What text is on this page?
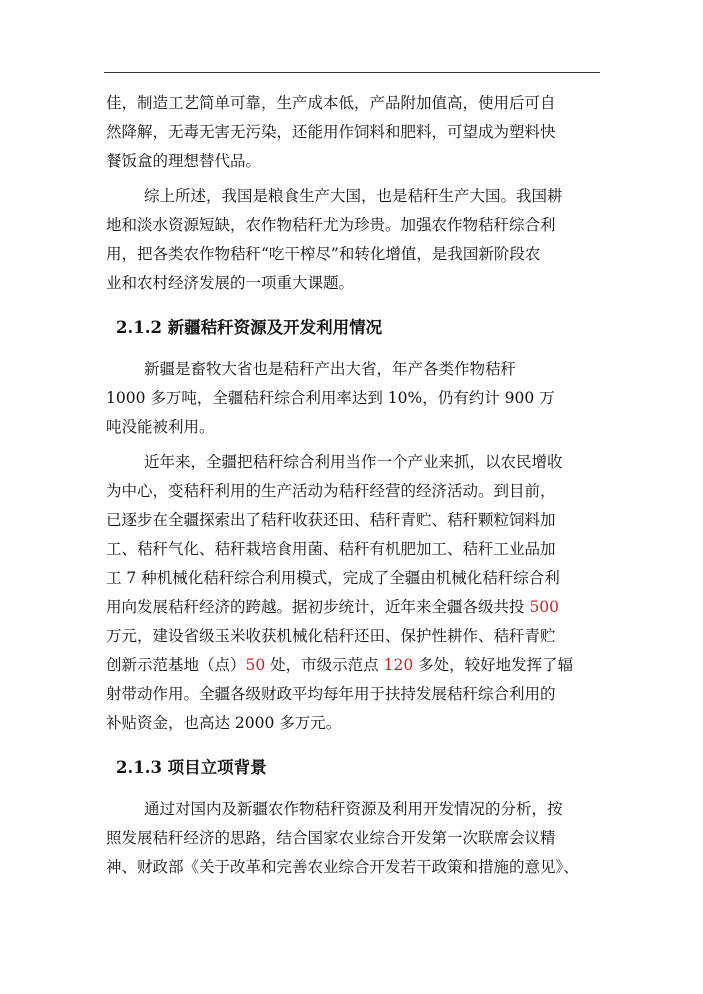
佳，制造工艺简单可靠，生产成本低，产品附加值高，使用后可自
然降解，无毒无害无污染，还能用作饲料和肥料，可望成为塑料快
餐饭盒的理想替代品。
综上所述，我国是粮食生产大国，也是秸秆生产大国。我国耕
地和淡水资源短缺，农作物秸秆尤为珍贵。加强农作物秸秆综合利
用，把各类农作物秸秆“吃干榨尽”和转化增值，是我国新阶段农
业和农村经济发展的一项重大课题。
2.1.2 新疆秸秆资源及开发利用情况
新疆是畜牧大省也是秸秆产出大省，年产各类作物秸秆
1000 多万吨，全疆秸秆综合利用率达到 10%，仍有约计 900 万
吨没能被利用。
近年来，全疆把秸秆综合利用当作一个产业来抓，以农民增收
为中心，变秸秆利用的生产活动为秸秆经营的经济活动。到目前，
已逐步在全疆探索出了秸秆收获还田、秸秆青贮、秸秆颗粒饲料加
工、秸秆气化、秸秆栽培食用菌、秸秆有机肥加工、秸秆工业品加
工 7 种机械化秸秆综合利用模式，完成了全疆由机械化秸秆综合利
用向发展秸秆经济的跨越。据初步统计，近年来全疆各级共投 500
万元，建设省级玉米收获机械化秸秆还田、保护性耕作、秸秆青贮
创新示范基地（点）50 处，市级示范点 120 多处，较好地发挥了辐
射带动作用。全疆各级财政平均每年用于扶持发展秸秆综合利用的
补贴资金，也高达 2000 多万元。
2.1.3 项目立项背景
通过对国内及新疆农作物秸秆资源及利用开发情况的分析，按
照发展秸秆经济的思路，结合国家农业综合开发第一次联席会议精
神、财政部《关于改革和完善农业综合开发若干政策和措施的意见》、
